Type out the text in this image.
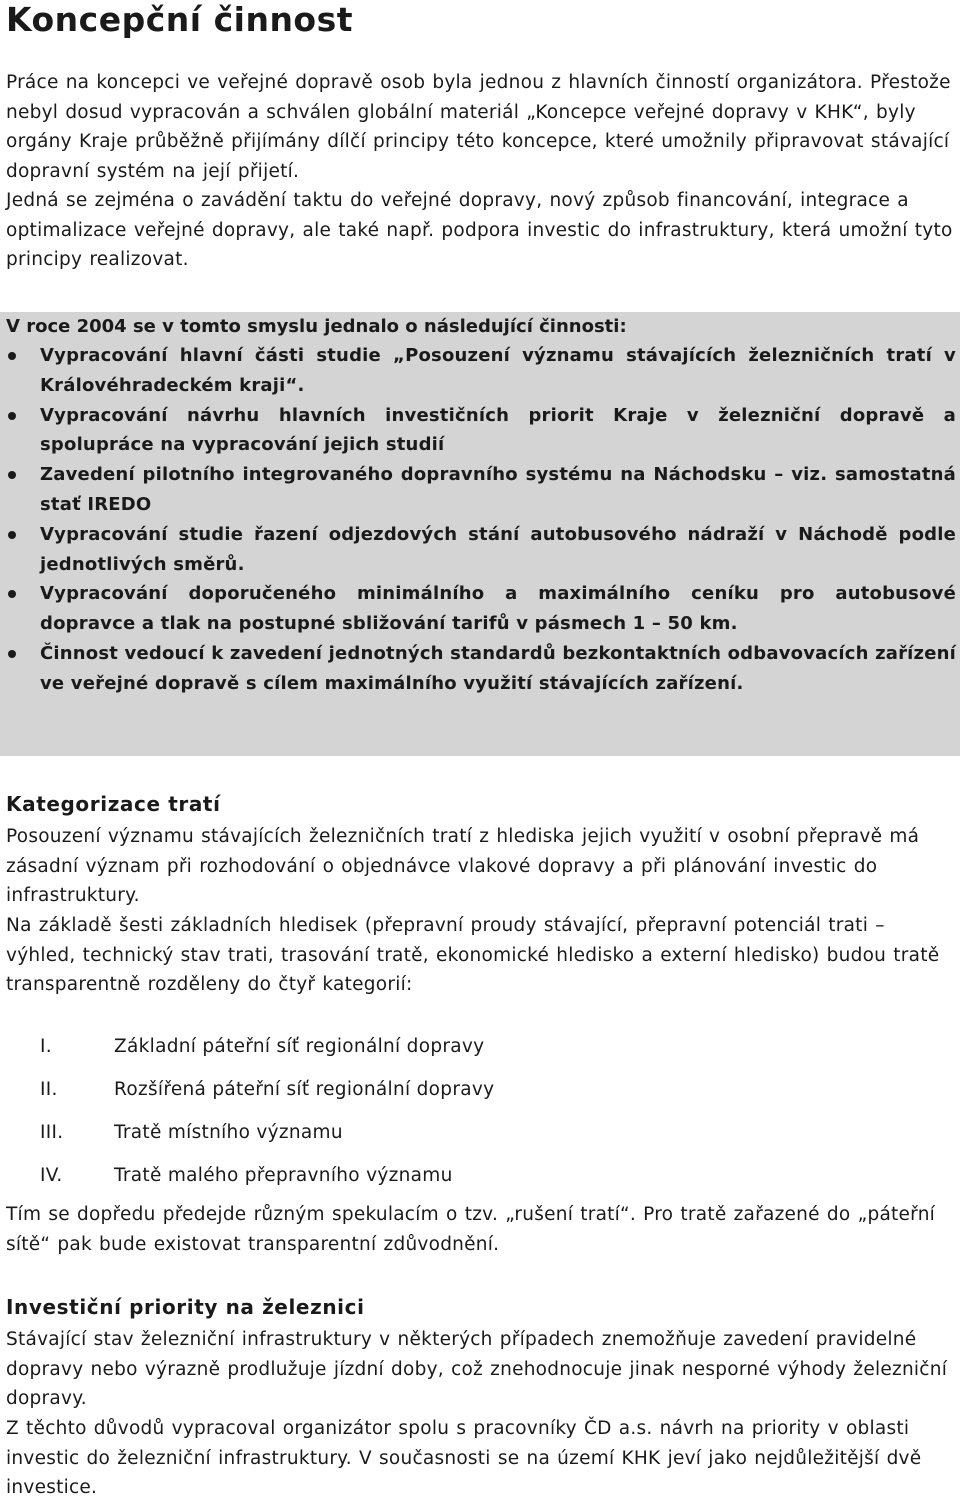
Koncepční činnost

Práce na koncepci ve veřejné dopravě osob byla jednou z hlavních činností organizátora. Přestože nebyl dosud vypracován a schválen globální materiál „Koncepce veřejné dopravy v KHK“, byly orgány Kraje průběžně přijímány dílčí principy této koncepce, které umožnily připravovat stávající dopravní systém na její přijetí.

Jedná se zejména o zavádění taktu do veřejné dopravy, nový způsob financování, integrace a optimalizace veřejné dopravy, ale také např. podpora investic do infrastruktury, která umožní tyto principy realizovat.

V roce 2004 se v tomto smyslu jednalo o následující činnosti:

Vypracování hlavní části studie „Posouzení významu stávajících železničních tratí v Královéhradeckém kraji“.
Vypracování návrhu hlavních investičních priorit Kraje v železniční dopravě a spolupráce na vypracování jejich studií
Zavedení pilotního integrovaného dopravního systému na Náchodsku – viz. samostatná stať IREDO
Vypracování studie řazení odjezdových stání autobusového nádraží v Náchodě podle jednotlivých směrů.
Vypracování doporučeného minimálního a maximálního ceníku pro autobusové dopravce a tlak na postupné sbližování tarifů v pásmech 1 – 50 km.
Činnost vedoucí k zavedení jednotných standardů bezkontaktních odbavovacích zařízení ve veřejné dopravě s cílem maximálního využití stávajících zařízení.
Kategorizace tratí

Posouzení významu stávajících železničních tratí z hlediska jejich využití v osobní přepravě má zásadní význam při rozhodování o objednávce vlakové dopravy a při plánování investic do infrastruktury.

Na základě šesti základních hledisek (přepravní proudy stávající, přepravní potenciál trati – výhled, technický stav trati, trasování tratě, ekonomické hledisko a externí hledisko) budou tratě transparentně rozděleny do čtyř kategorií:

I.	Základní páteřní síť regionální dopravy
II.	Rozšířená páteřní síť regionální dopravy
III.	Tratě místního významu
IV.	Tratě malého přepravního významu

Tím se dopředu předejde různým spekulacím o tzv. „rušení tratí“. Pro tratě zařazené do „páteřní sítě“ pak bude existovat transparentní zdůvodnění.

Investiční priority na železnici

Stávající stav železniční infrastruktury v některých případech znemožňuje zavedení pravidelné dopravy nebo výrazně prodlužuje jízdní doby, což znehodnocuje jinak nesporné výhody železniční dopravy.

Z těchto důvodů vypracoval organizátor spolu s pracovníky ČD a.s. návrh na priority v oblasti investic do železniční infrastruktury. V současnosti se na území KHK jeví jako nejdůležitější dvě investice.
